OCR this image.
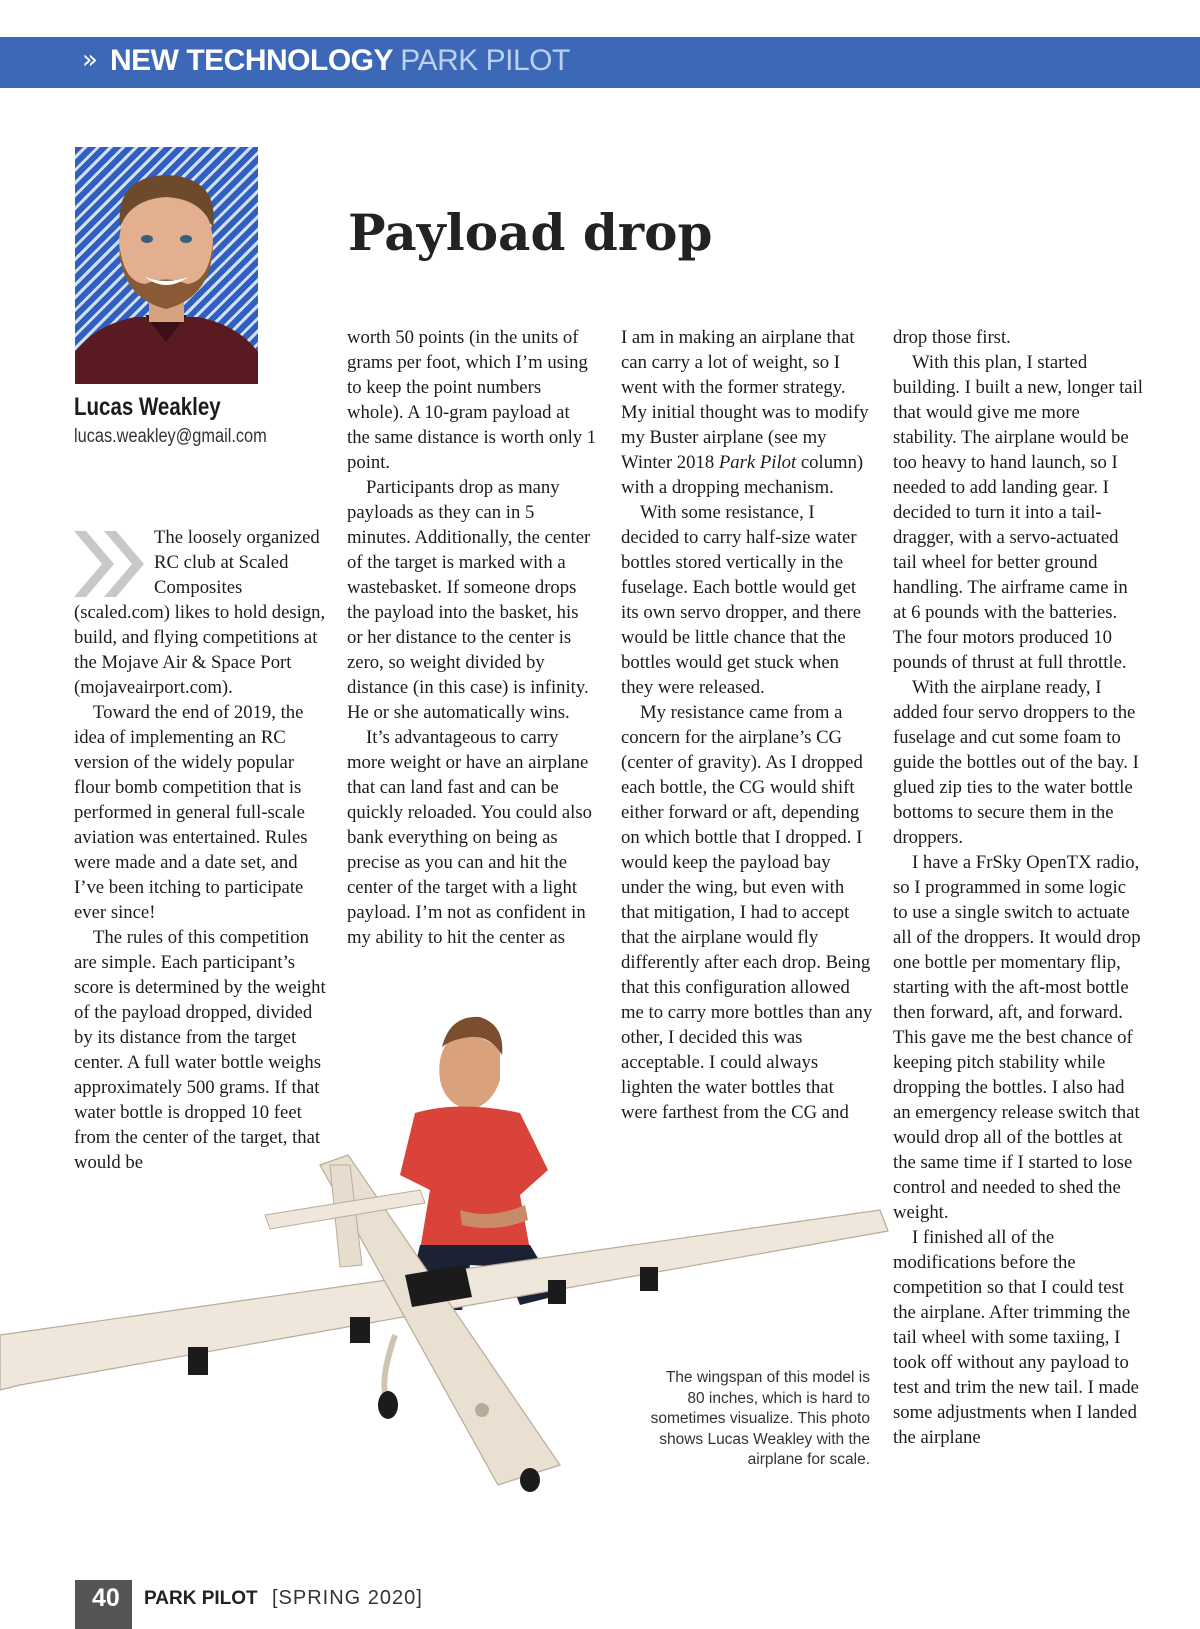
» NEW TECHNOLOGY PARK PILOT
Lucas Weakley
lucas.weakley@gmail.com
Payload drop

The loosely organized RC club at Scaled Composites (scaled.com) likes to hold design, build, and flying competitions at the Mojave Air & Space Port (mojaveairport.com).

Toward the end of 2019, the idea of implementing an RC version of the widely popular flour bomb competition that is performed in general full-scale aviation was entertained. Rules were made and a date set, and I’ve been itching to participate ever since!

The rules of this competition are simple. Each participant’s score is determined by the weight of the payload dropped, divided by its distance from the target center. A full water bottle weighs approximately 500 grams. If that water bottle is dropped 10 feet from the center of the target, that would be

worth 50 points (in the units of grams per foot, which I’m using to keep the point numbers whole). A 10-gram payload at the same distance is worth only 1 point.

Participants drop as many payloads as they can in 5 minutes. Additionally, the center of the target is marked with a wastebasket. If someone drops the payload into the basket, his or her distance to the center is zero, so weight divided by distance (in this case) is infinity. He or she automatically wins.

It’s advantageous to carry more weight or have an airplane that can land fast and can be quickly reloaded. You could also bank everything on being as precise as you can and hit the center of the target with a light payload. I’m not as confident in my ability to hit the center as

I am in making an airplane that can carry a lot of weight, so I went with the former strategy. My initial thought was to modify my Buster airplane (see my Winter 2018 Park Pilot column) with a dropping mechanism.

With some resistance, I decided to carry half-size water bottles stored vertically in the fuselage. Each bottle would get its own servo dropper, and there would be little chance that the bottles would get stuck when they were released.

My resistance came from a concern for the airplane’s CG (center of gravity). As I dropped each bottle, the CG would shift either forward or aft, depending on which bottle that I dropped. I would keep the payload bay under the wing, but even with that mitigation, I had to accept that the airplane would fly differently after each drop. Being that this configuration allowed me to carry more bottles than any other, I decided this was acceptable. I could always lighten the water bottles that were farthest from the CG and

drop those first.

With this plan, I started building. I built a new, longer tail that would give me more stability. The airplane would be too heavy to hand launch, so I needed to add landing gear. I decided to turn it into a tail-dragger, with a servo-actuated tail wheel for better ground handling. The airframe came in at 6 pounds with the batteries. The four motors produced 10 pounds of thrust at full throttle.

With the airplane ready, I added four servo droppers to the fuselage and cut some foam to guide the bottles out of the bay. I glued zip ties to the water bottle bottoms to secure them in the droppers.

I have a FrSky OpenTX radio, so I programmed in some logic to use a single switch to actuate all of the droppers. It would drop one bottle per momentary flip, starting with the aft-most bottle then forward, aft, and forward. This gave me the best chance of keeping pitch stability while dropping the bottles. I also had an emergency release switch that would drop all of the bottles at the same time if I started to lose control and needed to shed the weight.

I finished all of the modifications before the competition so that I could test the airplane. After trimming the tail wheel with some taxiing, I took off without any payload to test and trim the new tail. I made some adjustments when I landed the airplane

The wingspan of this model is 80 inches, which is hard to sometimes visualize. This photo shows Lucas Weakley with the airplane for scale.
40 PARK PILOT [SPRING 2020]
